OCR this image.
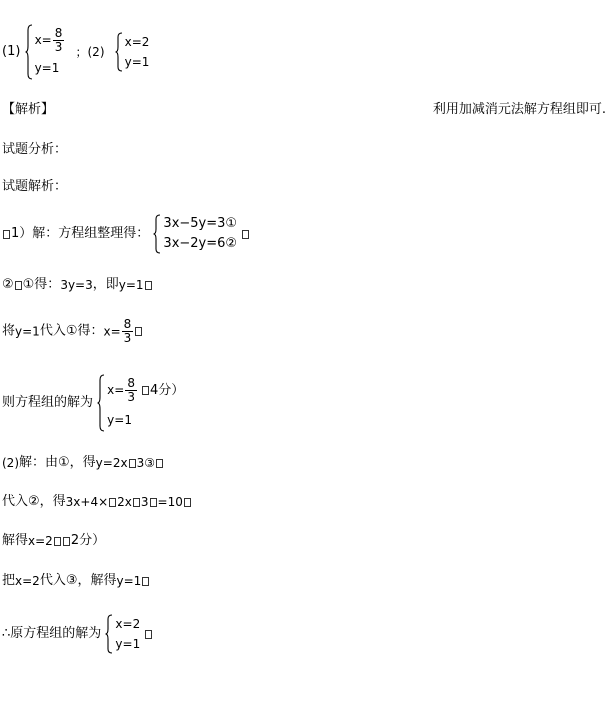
(1)
$x= \frac{8}{3}$
y=1
；(2)
x=2
y=1
【解析】	利用加减消元法解方程组即可.
试题分析：
试题解析：
1）解：方程组整理得：
3x−5y=3①
3x−2y=6②

② ①得：3y=3，即y=1
将y=1代入①得：$x= \frac{8}{3}$
则方程组的解为
$x= \frac{8}{3} 4$分）
y=1
(2)解：由①，得y=2x 3③
代入②，得3x+4× 2x 3 =10
解得x=2 2分）
把x=2代入③，解得y=1
∴原方程组的解为
x=2
y=1
